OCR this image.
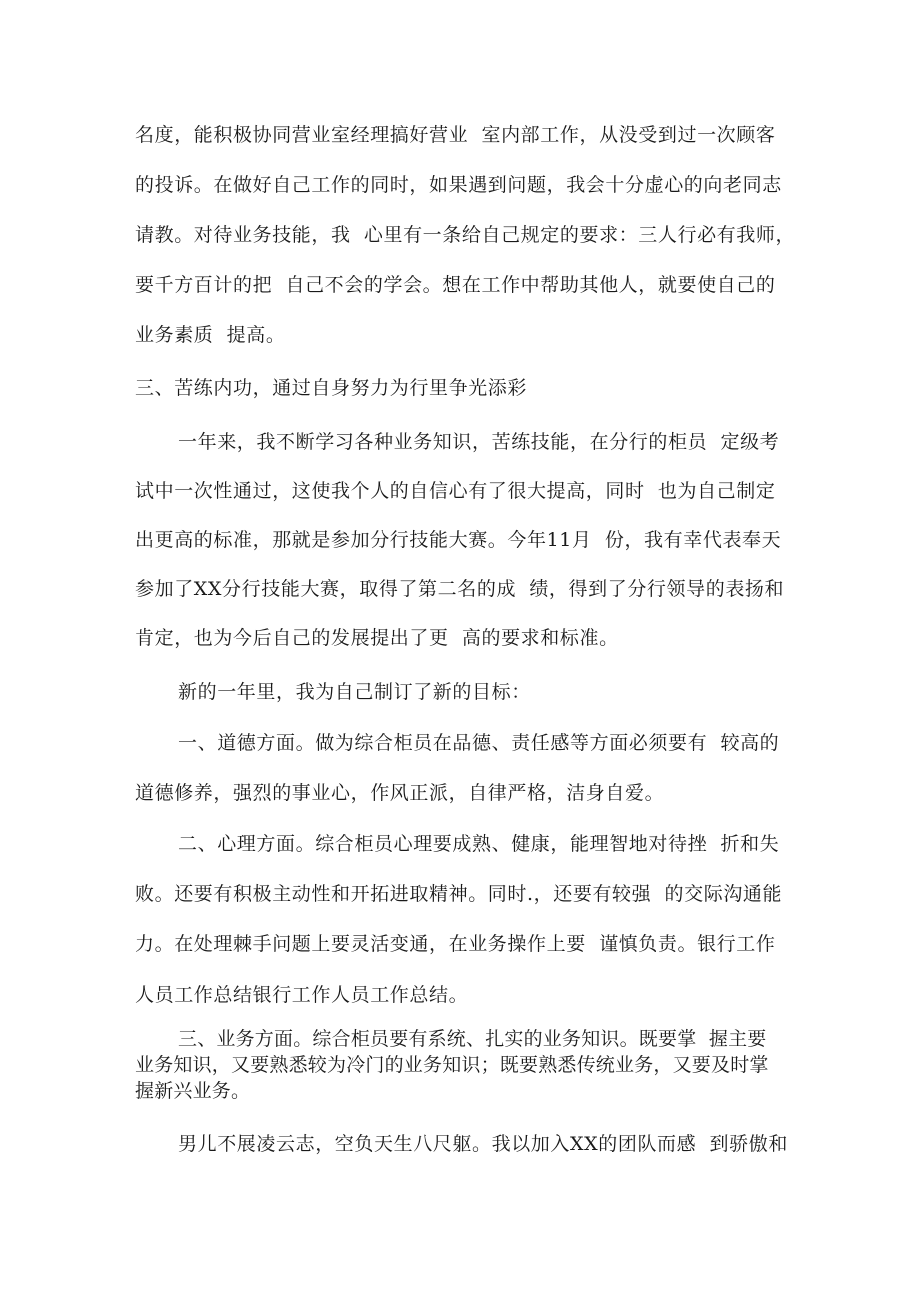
名度，能积极协同营业室经理搞好营业  室内部工作，从没受到过一次顾客
的投诉。在做好自己工作的同时，如果遇到问题，我会十分虚心的向老同志
请教。对待业务技能，我  心里有一条给自己规定的要求：三人行必有我师，
要千方百计的把  自己不会的学会。想在工作中帮助其他人，就要使自己的
业务素质  提高。
三、苦练内功，通过自身努力为行里争光添彩
一年来，我不断学习各种业务知识，苦练技能，在分行的柜员  定级考
试中一次性通过，这使我个人的自信心有了很大提高，同时  也为自己制定
出更高的标准，那就是参加分行技能大赛。今年11月  份，我有幸代表奉天
参加了XX分行技能大赛，取得了第二名的成  绩，得到了分行领导的表扬和
肯定，也为今后自己的发展提出了更  高的要求和标准。
新的一年里，我为自己制订了新的目标：
一、道德方面。做为综合柜员在品德、责任感等方面必须要有  较高的
道德修养，强烈的事业心，作风正派，自律严格，洁身自爱。
二、心理方面。综合柜员心理要成熟、健康，能理智地对待挫  折和失
败。还要有积极主动性和开拓进取精神。同时.，还要有较强  的交际沟通能
力。在处理棘手问题上要灵活变通，在业务操作上要  谨慎负责。银行工作
人员工作总结银行工作人员工作总结。
三、业务方面。综合柜员要有系统、扎实的业务知识。既要掌  握主要
业务知识，又要熟悉较为冷门的业务知识；既要熟悉传统业务，又要及时掌
握新兴业务。
男儿不展凌云志，空负天生八尺躯。我以加入XX的团队而感  到骄傲和
